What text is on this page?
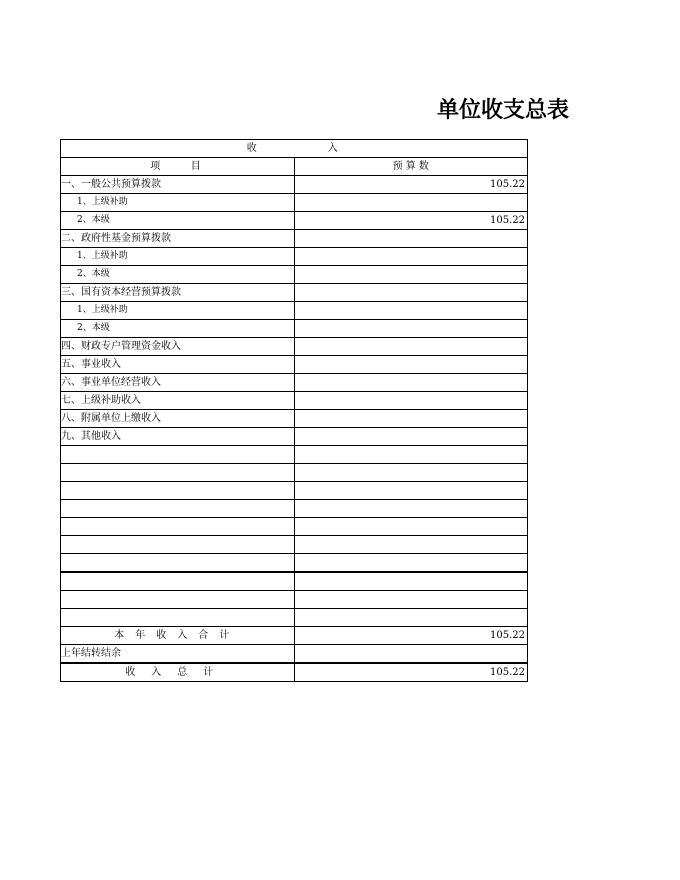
单位收支总表
收　　　　　入	
项　　目	预 算 数
一、一般公共预算拨款	105.22
1、上级补助	
2、本级	105.22
二、政府性基金预算拨款	
1、上级补助	
2、本级	
三、国有资本经营预算拨款	
1、上级补助	
2、本级	
四、财政专户管理资金收入	
五、事业收入	
六、事业单位经营收入	
七、上级补助收入	
八、附属单位上缴收入	
九、其他收入	

本年收入合计	105.22
上年结转结余	
收入总计	105.22
